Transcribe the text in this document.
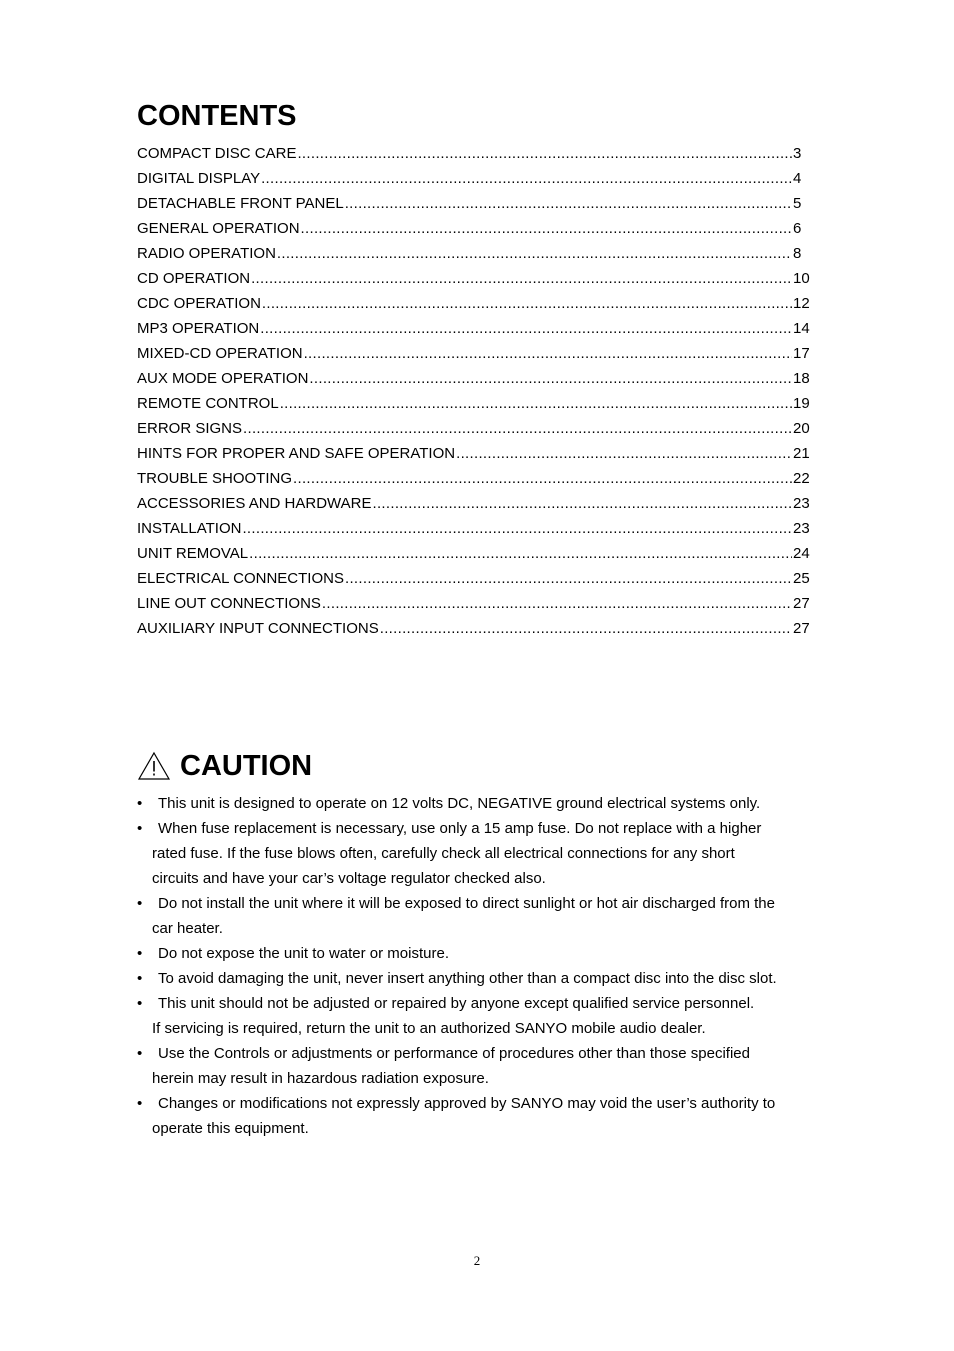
CONTENTS
COMPACT DISC CARE .....	3
DIGITAL DISPLAY .....	4
DETACHABLE FRONT PANEL .....	5
GENERAL OPERATION .....	6
RADIO OPERATION .....	8
CD OPERATION .....	10
CDC OPERATION .....	12
MP3 OPERATION .....	14
MIXED-CD OPERATION .....	17
AUX MODE OPERATION .....	18
REMOTE CONTROL .....	19
ERROR SIGNS .....	20
HINTS FOR PROPER AND SAFE OPERATION .....	21
TROUBLE SHOOTING .....	22
ACCESSORIES AND HARDWARE .....	23
INSTALLATION .....	23
UNIT REMOVAL .....	24
ELECTRICAL CONNECTIONS .....	25
LINE OUT CONNECTIONS .....	27
AUXILIARY INPUT CONNECTIONS .....	27
CAUTION
•	This unit is designed to operate on 12 volts DC, NEGATIVE ground electrical systems only.
•	When fuse replacement is necessary, use only a 15 amp fuse. Do not replace with a higher
rated fuse. If the fuse blows often, carefully check all electrical connections for any short
circuits and have your car’s voltage regulator checked also.
•	Do not install the unit where it will be exposed to direct sunlight or hot air discharged from the
car heater.
•	Do not expose the unit to water or moisture.
•	To avoid damaging the unit, never insert anything other than a compact disc into the disc slot.
•	This unit should not be adjusted or repaired by anyone except qualified service personnel.
If servicing is required, return the unit to an authorized SANYO mobile audio dealer.
•	Use the Controls or adjustments or performance of procedures other than those specified
herein may result in hazardous radiation exposure.
•	Changes or modifications not expressly approved by SANYO may void the user’s authority to
operate this equipment.
2
